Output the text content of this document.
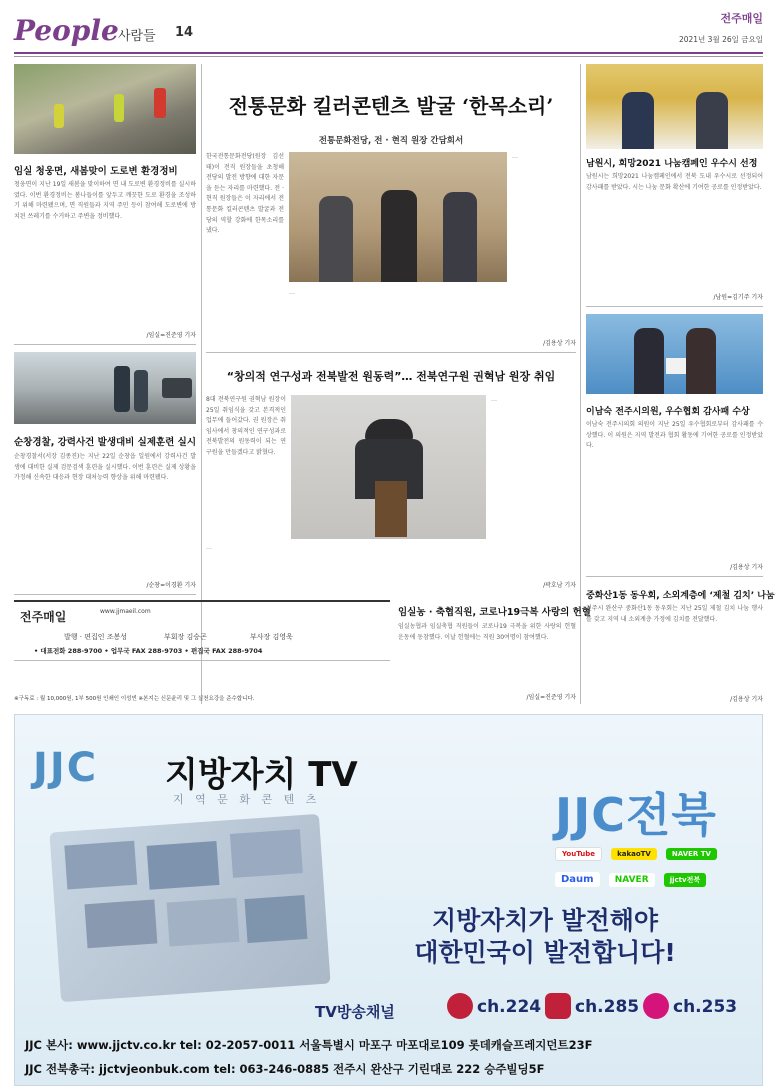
People 사람들 14
전주매일
2021년 3월 26일 금요일
임실 청웅면, 새봄맞이 도로변 환경정비
청웅면이 지난 19일 새봄을 맞이하여 면 내 도로변 환경정비를 실시하였다. 이번 환경정비는 봄나들이를 앞두고 깨끗한 도로 환경을 조성하기 위해 마련됐으며, 면 직원들과 지역 주민 등이 참여해 도로변에 방치된 쓰레기를 수거하고 주변을 정비했다.
/임실=진준영 기자
순창경찰, 강력사건 발생대비 실제훈련 실시
순창경찰서(서장 김종진)는 지난 22일 순창읍 일원에서 강력사건 발생에 대비한 실제 검문검색 훈련을 실시했다. 이번 훈련은 실제 상황을 가정해 신속한 대응과 현장 대처능력 향상을 위해 마련됐다.
/순창=이경환 기자
전통문화 킬러콘텐츠 발굴 ‘한목소리’
전통문화전당, 전 · 현직 원장 간담회서
한국전통문화전당(원장 김선태)이 전직 원장들을 초청해 전당의 발전 방향에 대한 자문을 듣는 자리를 마련했다. 전 · 현직 원장들은 이 자리에서 전통문화 킬러콘텐츠 발굴과 전당의 역할 강화에 한목소리를 냈다.
…
…
/김용상 기자
“창의적 연구성과 전북발전 원동력”… 전북연구원 권혁남 원장 취임
8대 전북연구원 권혁남 원장이 25일 취임식을 갖고 본격적인 업무에 들어갔다. 권 원장은 취임사에서 창의적인 연구성과로 전북발전의 원동력이 되는 연구원을 만들겠다고 밝혔다.
…
…
/곽호남 기자
전주매일	www.jjmaeil.com
발행 · 편집인 조봉성	부회장 김승곤	부사장 김영욱
• 대표전화 288-9700 • 업무국 FAX 288-9703 • 편집국 FAX 288-9704
※구독료 : 월 10,000원, 1부 500원 인쇄인 이성빈 ※본지는 신문윤리 및 그 실천요강을 준수합니다.
임실농 · 축협직원, 코로나19극복 사랑의 헌혈
임실농협과 임실축협 직원들이 코로나19 극복을 위한 사랑의 헌혈 운동에 동참했다. 이날 헌혈에는 직원 30여명이 참여했다.
/임실=진준영 기자
남원시, 희망2021 나눔캠페인 우수시 선정
남원시는 희망2021 나눔캠페인에서 전북 도내 우수시로 선정되어 감사패를 받았다. 시는 나눔 문화 확산에 기여한 공로를 인정받았다.
/남원=김기주 기자
이남숙 전주시의원, 우수협회 감사패 수상
이남숙 전주시의회 의원이 지난 25일 우수협회로부터 감사패를 수상했다. 이 의원은 지역 발전과 협회 활동에 기여한 공로를 인정받았다.
/김용상 기자
중화산1동 동우회, 소외계층에 ‘제철 김치’ 나눔
전주시 완산구 중화산1동 동우회는 지난 25일 제철 김치 나눔 행사를 갖고 지역 내 소외계층 가정에 김치를 전달했다.
/김용상 기자
JJC 지방자치 TV
지 역 문 화 콘 텐 츠	JJC전북
YouTube	kakaoTV	NAVER TV
Daum NAVER	jjctv전북
지방자치가 발전해야
대한민국이 발전합니다!
TV방송채널	ch.224 ch.285 ch.253
JJC 본사: www.jjctv.co.kr tel: 02-2057-0011 서울특별시 마포구 마포대로109 롯데캐슬프레지던트23F
JJC 전북총국: jjctvjeonbuk.com tel: 063-246-0885 전주시 완산구 기린대로 222 승주빌딩5F
